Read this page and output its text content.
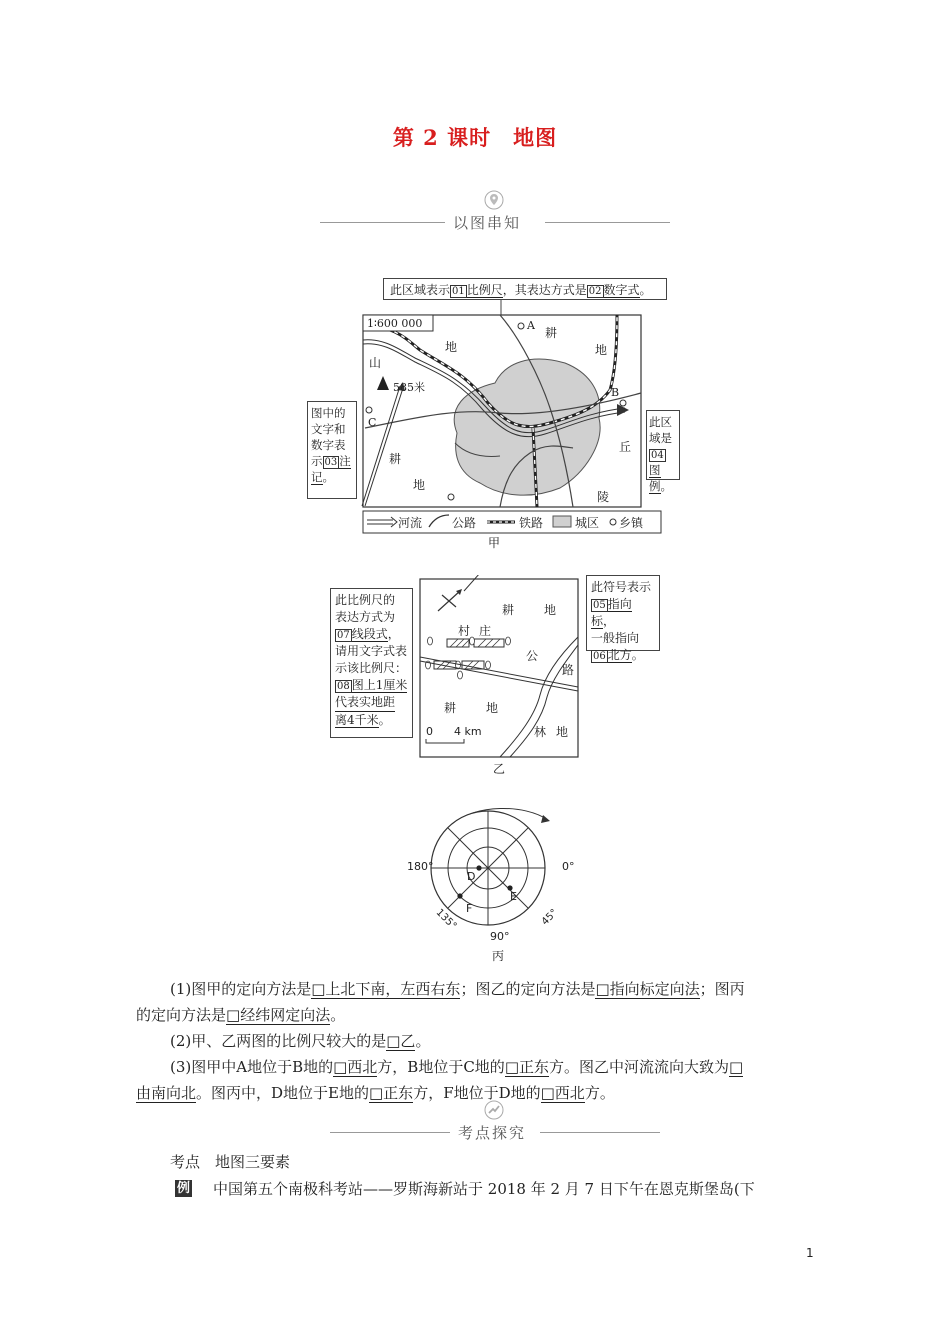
第 2 课时　地图
以图串知
此区域表示 01 比例尺，其表达方式是 02 数字式。
1∶600 000	A
B
C
585米
山
耕
地	地
耕
地
丘
陵
图中的
文字和
数字表
示 03 注
记。
此区
域是
04图
例。
河流 公路	铁路	城区 乡镇
甲
耕 地
村 庄
公
路
耕 地
林 地
0 4 km
此比例尺的
表达方式为
07 线段式，
请用文字式表
示该比例尺：
08 图上1厘米
代表实地距
离4千米。
此符号表示
05 指向标，
一般指向
06 北方。
乙
180°	0°
135°	45°
90°
D
E
F
丙
(1)图甲的定向方法是□上北下南，左西右东；图乙的定向方法是□指向标定向法；图丙
的定向方法是□经纬网定向法。
(2)甲、乙两图的比例尺较大的是□乙。
(3)图甲中A地位于B地的□西北方，B地位于C地的□正东方。图乙中河流流向大致为□
由南向北。图丙中，D地位于E地的□正东方，F地位于D地的□西北方。
考点探究
考点　地图三要素
例 中国第五个南极科考站——罗斯海新站于 2018 年 2 月 7 日下午在恩克斯堡岛(下
1
